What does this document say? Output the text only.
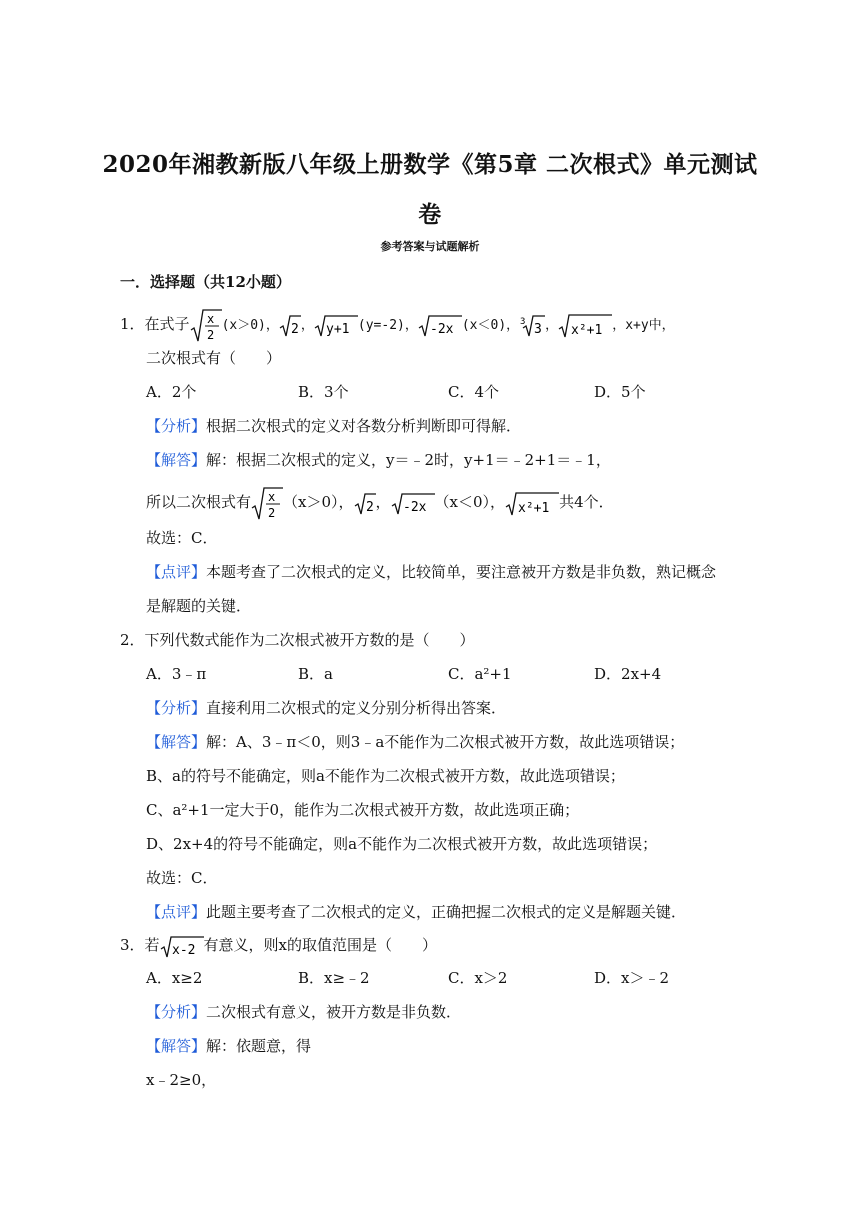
2020年湘教新版八年级上册数学《第5章 二次根式》单元测试
卷
参考答案与试题解析
一．选择题（共12小题）
1．在式子 x
2
(x＞0)， 2 ， y+1 (y=-2)， -2x (x＜0)， 3 3 ， x²+1 ，x+y中，
二次根式有（　　）
A．2个	B．3个	C．4个	D．5个
【分析】根据二次根式的定义对各数分析判断即可得解．
【解答】解：根据二次根式的定义，y＝﹣2时，y+1＝﹣2+1＝﹣1，
所以二次根式有 x
2
（x＞0）， 2 ， -2x （x＜0）， x²+1 共4个．
故选：C．
【点评】本题考查了二次根式的定义，比较简单，要注意被开方数是非负数，熟记概念
是解题的关键．
2．下列代数式能作为二次根式被开方数的是（　　）
A．3﹣π	B．a	C．a²+1	D．2x+4
【分析】直接利用二次根式的定义分别分析得出答案．
【解答】解：A、3﹣π＜0，则3﹣a不能作为二次根式被开方数，故此选项错误；
B、a的符号不能确定，则a不能作为二次根式被开方数，故此选项错误；
C、a²+1一定大于0，能作为二次根式被开方数，故此选项正确；
D、2x+4的符号不能确定，则a不能作为二次根式被开方数，故此选项错误；
故选：C．
【点评】此题主要考查了二次根式的定义，正确把握二次根式的定义是解题关键．
3．若 x-2 有意义，则x的取值范围是（　　）
A．x≥2	B．x≥﹣2	C．x＞2	D．x＞﹣2
【分析】二次根式有意义，被开方数是非负数．
【解答】解：依题意，得
x﹣2≥0，
